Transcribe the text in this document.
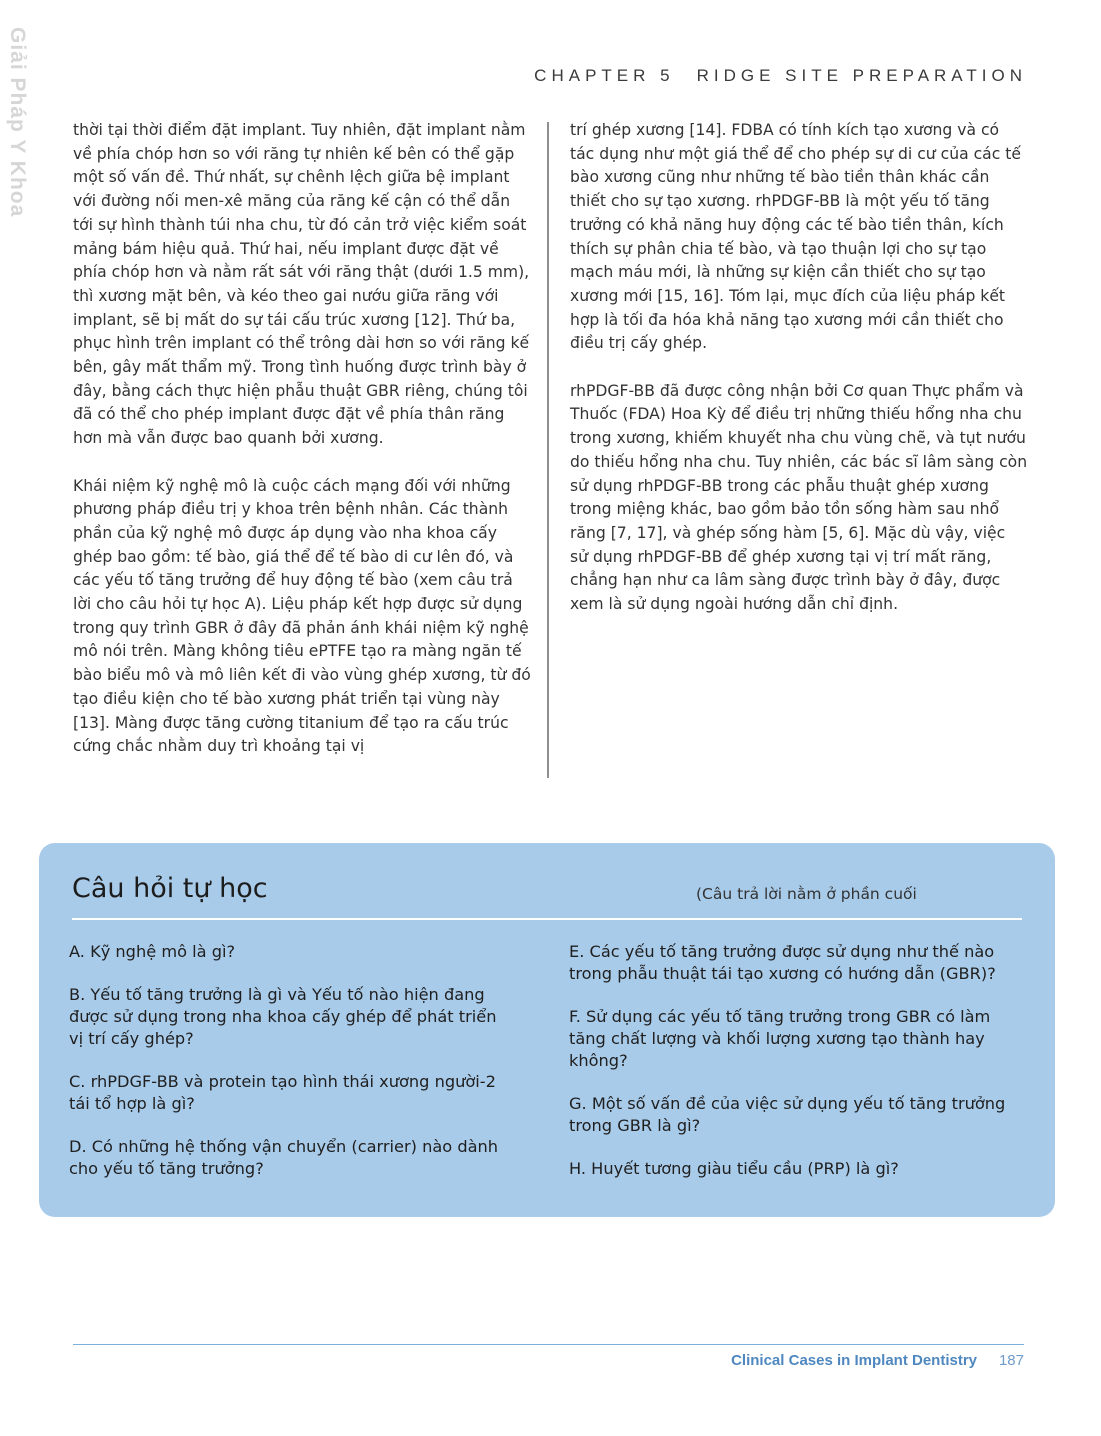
Giải Pháp Y Khoa	CHAPTER 5 RIDGE SITE PREPARATION

thời tại thời điểm đặt implant. Tuy nhiên, đặt implant nằm về phía chóp hơn so với răng tự nhiên kế bên có thể gặp một số vấn đề. Thứ nhất, sự chênh lệch giữa bệ implant với đường nối men-xê măng của răng kế cận có thể dẫn tới sự hình thành túi nha chu, từ đó cản trở việc kiểm soát mảng bám hiệu quả. Thứ hai, nếu implant được đặt về phía chóp hơn và nằm rất sát với răng thật (dưới 1.5 mm), thì xương mặt bên, và kéo theo gai nướu giữa răng với implant, sẽ bị mất do sự tái cấu trúc xương [12]. Thứ ba, phục hình trên implant có thể trông dài hơn so với răng kế bên, gây mất thẩm mỹ. Trong tình huống được trình bày ở đây, bằng cách thực hiện phẫu thuật GBR riêng, chúng tôi đã có thể cho phép implant được đặt về phía thân răng hơn mà vẫn được bao quanh bởi xương.

Khái niệm kỹ nghệ mô là cuộc cách mạng đối với những phương pháp điều trị y khoa trên bệnh nhân. Các thành phần của kỹ nghệ mô được áp dụng vào nha khoa cấy ghép bao gồm: tế bào, giá thể để tế bào di cư lên đó, và các yếu tố tăng trưởng để huy động tế bào (xem câu trả lời cho câu hỏi tự học A). Liệu pháp kết hợp được sử dụng trong quy trình GBR ở đây đã phản ánh khái niệm kỹ nghệ mô nói trên. Màng không tiêu ePTFE tạo ra màng ngăn tế bào biểu mô và mô liên kết đi vào vùng ghép xương, từ đó tạo điều kiện cho tế bào xương phát triển tại vùng này [13]. Màng được tăng cường titanium để tạo ra cấu trúc cứng chắc nhằm duy trì khoảng tại vị

trí ghép xương [14]. FDBA có tính kích tạo xương và có tác dụng như một giá thể để cho phép sự di cư của các tế bào xương cũng như những tế bào tiền thân khác cần thiết cho sự tạo xương. rhPDGF-BB là một yếu tố tăng trưởng có khả năng huy động các tế bào tiền thân, kích thích sự phân chia tế bào, và tạo thuận lợi cho sự tạo mạch máu mới, là những sự kiện cần thiết cho sự tạo xương mới [15, 16]. Tóm lại, mục đích của liệu pháp kết hợp là tối đa hóa khả năng tạo xương mới cần thiết cho điều trị cấy ghép.

rhPDGF-BB đã được công nhận bởi Cơ quan Thực phẩm và Thuốc (FDA) Hoa Kỳ để điều trị những thiếu hổng nha chu trong xương, khiếm khuyết nha chu vùng chẽ, và tụt nướu do thiếu hổng nha chu. Tuy nhiên, các bác sĩ lâm sàng còn sử dụng rhPDGF-BB trong các phẫu thuật ghép xương trong miệng khác, bao gồm bảo tồn sống hàm sau nhổ răng [7, 17], và ghép sống hàm [5, 6]. Mặc dù vậy, việc sử dụng rhPDGF-BB để ghép xương tại vị trí mất răng, chẳng hạn như ca lâm sàng được trình bày ở đây, được xem là sử dụng ngoài hướng dẫn chỉ định.

Câu hỏi tự học	(Câu trả lời nằm ở phần cuối

A. Kỹ nghệ mô là gì?

B. Yếu tố tăng trưởng là gì và Yếu tố nào hiện đang được sử dụng trong nha khoa cấy ghép để phát triển vị trí cấy ghép?

C. rhPDGF-BB và protein tạo hình thái xương người-2 tái tổ hợp là gì?

D. Có những hệ thống vận chuyển (carrier) nào dành cho yếu tố tăng trưởng?

E. Các yếu tố tăng trưởng được sử dụng như thế nào trong phẫu thuật tái tạo xương có hướng dẫn (GBR)?

F. Sử dụng các yếu tố tăng trưởng trong GBR có làm tăng chất lượng và khối lượng xương tạo thành hay không?

G. Một số vấn đề của việc sử dụng yếu tố tăng trưởng trong GBR là gì?

H. Huyết tương giàu tiểu cầu (PRP) là gì?

Clinical Cases in Implant Dentistry 187
